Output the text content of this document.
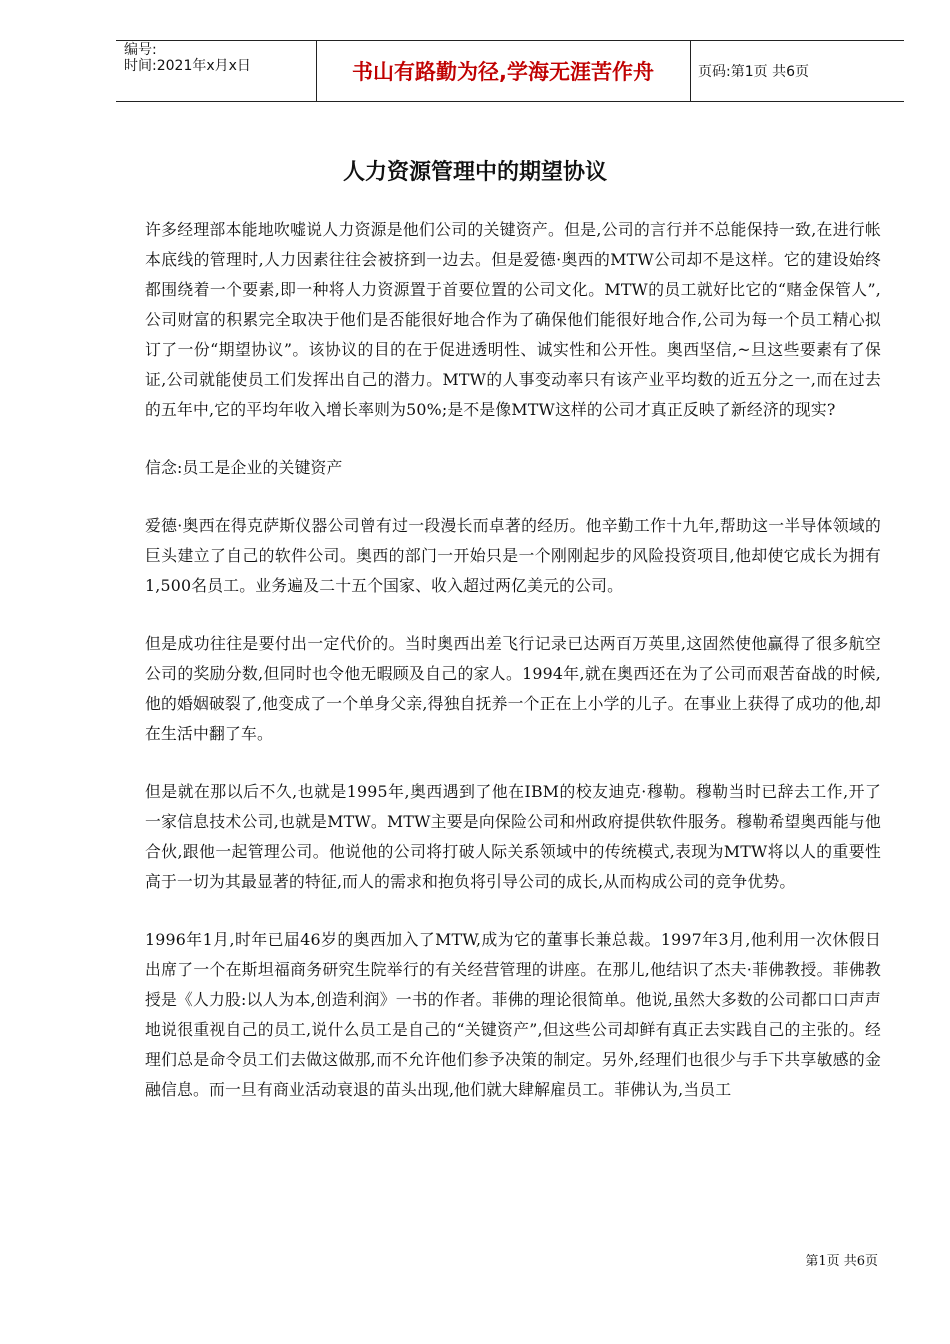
编号:
时间:2021年x月x日	书山有路勤为径,学海无涯苦作舟	页码:第1页 共6页
人力资源管理中的期望协议

许多经理部本能地吹嘘说人力资源是他们公司的关键资产。但是,公司的言行并不总能保持一致,在进行帐本底线的管理时,人力因素往往会被挤到一边去。但是爱德·奥西的MTW公司却不是这样。它的建设始终都围绕着一个要素,即一种将人力资源置于首要位置的公司文化。MTW的员工就好比它的“赌金保管人”,公司财富的积累完全取决于他们是否能很好地合作为了确保他们能很好地合作,公司为每一个员工精心拟订了一份“期望协议”。该协议的目的在于促进透明性、诚实性和公开性。奥西坚信,~旦这些要素有了保证,公司就能使员工们发挥出自己的潜力。MTW的人事变动率只有该产业平均数的近五分之一,而在过去的五年中,它的平均年收入增长率则为50%;是不是像MTW这样的公司才真正反映了新经济的现实?

信念:员工是企业的关键资产

爱德·奥西在得克萨斯仪器公司曾有过一段漫长而卓著的经历。他辛勤工作十九年,帮助这一半导体领域的巨头建立了自己的软件公司。奥西的部门一开始只是一个刚刚起步的风险投资项目,他却使它成长为拥有1,500名员工。业务遍及二十五个国家、收入超过两亿美元的公司。

但是成功往往是要付出一定代价的。当时奥西出差飞行记录已达两百万英里,这固然使他赢得了很多航空公司的奖励分数,但同时也令他无暇顾及自己的家人。1994年,就在奥西还在为了公司而艰苦奋战的时候,他的婚姻破裂了,他变成了一个单身父亲,得独自抚养一个正在上小学的儿子。在事业上获得了成功的他,却在生活中翻了车。

但是就在那以后不久,也就是1995年,奥西遇到了他在IBM的校友迪克·穆勒。穆勒当时已辞去工作,开了一家信息技术公司,也就是MTW。MTW主要是向保险公司和州政府提供软件服务。穆勒希望奥西能与他合伙,跟他一起管理公司。他说他的公司将打破人际关系领域中的传统模式,表现为MTW将以人的重要性高于一切为其最显著的特征,而人的需求和抱负将引导公司的成长,从而构成公司的竞争优势。

1996年1月,时年已届46岁的奥西加入了MTW,成为它的董事长兼总裁。1997年3月,他利用一次休假日出席了一个在斯坦福商务研究生院举行的有关经营管理的讲座。在那儿,他结识了杰夫·菲佛教授。菲佛教授是《人力股:以人为本,创造利润》一书的作者。菲佛的理论很简单。他说,虽然大多数的公司都口口声声地说很重视自己的员工,说什么员工是自己的“关键资产”,但这些公司却鲜有真正去实践自己的主张的。经理们总是命令员工们去做这做那,而不允许他们参予决策的制定。另外,经理们也很少与手下共享敏感的金融信息。而一旦有商业活动衰退的苗头出现,他们就大肆解雇员工。菲佛认为,当员工

第1页 共6页
